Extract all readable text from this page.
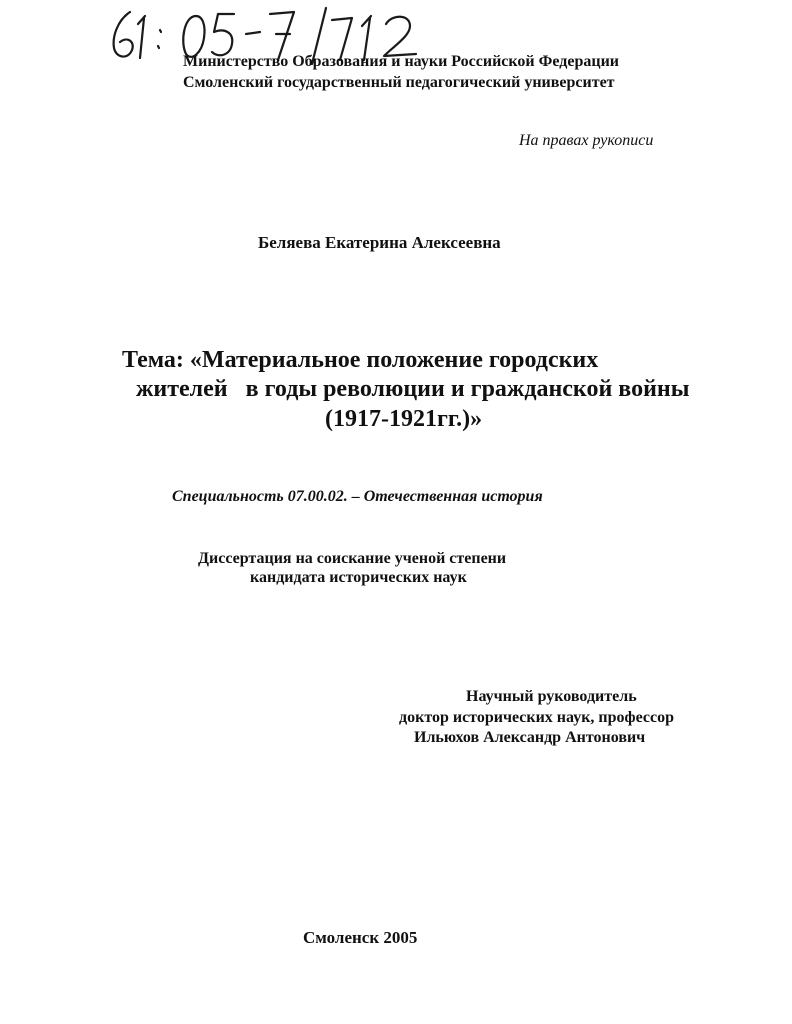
Министерство Образования и науки Российской Федерации
Смоленский государственный педагогический университет
На правах рукописи
Беляева Екатерина Алексеевна
Тема: «Материальное положение городских
жителей   в годы революции и гражданской войны
(1917-1921гг.)»
Специальность 07.00.02. – Отечественная история
Диссертация на соискание ученой степени
кандидата исторических наук
Научный руководитель
доктор исторических наук, профессор
Ильюхов Александр Антонович
Смоленск 2005
